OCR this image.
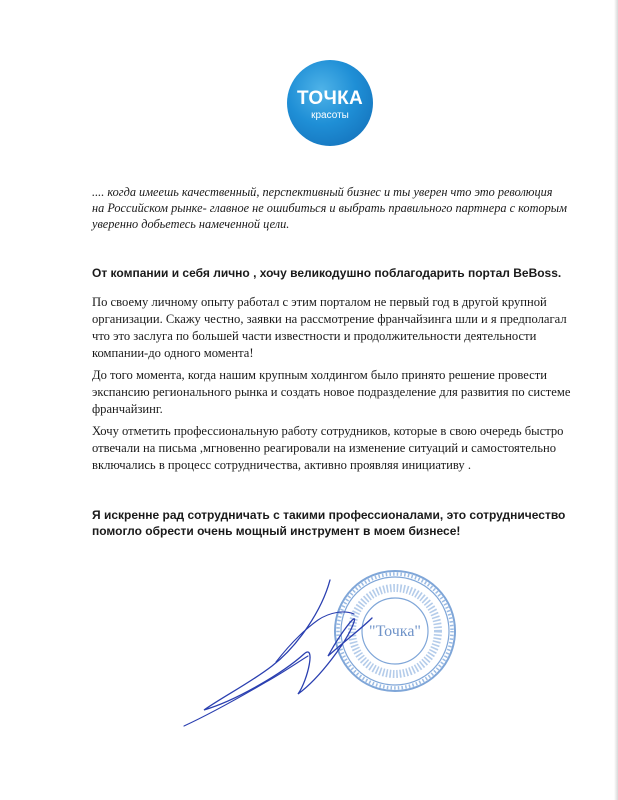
ТОЧКА
красоты

.... когда имеешь качественный, перспективный бизнес и ты уверен что это революция

на Российском рынке- главное не ошибиться и выбрать правильного партнера с которым

уверенно добьетесь намеченной цели.

От компании и себя лично , хочу великодушно поблагодарить портал BeBoss.

По своему личному опыту работал с этим порталом не первый год в другой крупной
организации. Скажу честно, заявки на рассмотрение франчайзинга шли и я предполагал
что это заслуга по большей части известности и продолжительности деятельности
компании-до одного момента!

До того момента, когда нашим крупным холдингом было принято решение провести
экспансию регионального рынка и создать новое подразделение для развития по системе
франчайзинг.

Хочу отметить профессиональную работу сотрудников, которые в свою очередь быстро
отвечали на письма ,мгновенно реагировали на изменение ситуаций и самостоятельно
включались в процесс сотрудничества, активно проявляя инициативу .

Я искренне рад сотрудничать с такими профессионалами, это сотрудничество
помогло обрести очень мощный инструмент в моем бизнесе!

"Точка"
